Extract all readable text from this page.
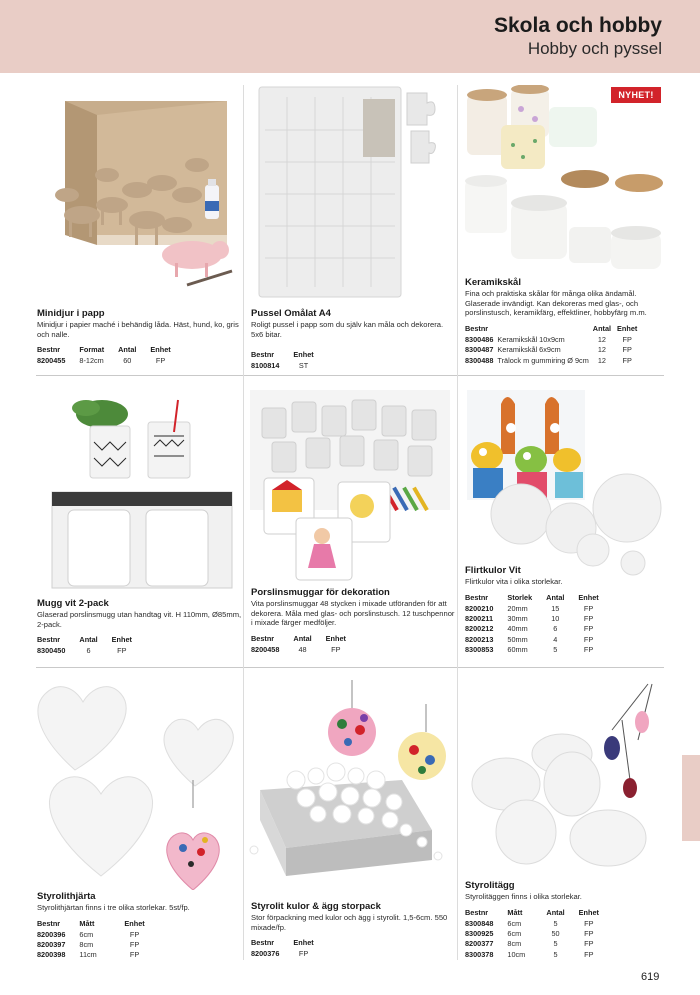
Skola och hobby
Hobby och pyssel
NYHET!
Minidjur i papp
Minidjur i papier maché i behändig låda. Häst, hund, ko, gris och nalle.
Bestnr	Format	Antal	Enhet
8200455	8-12cm	60	FP
Pussel Omålat A4
Roligt pussel i papp som du själv kan måla och dekorera. 5x6 bitar.
Bestnr	Enhet
8100814	ST
Keramikskål
Fina och praktiska skålar för många olika ändamål. Glaserade invändigt. Kan dekoreras med glas-, och porslinstusch, keramikfärg, effektliner, hobbyfärg m.m.
Bestnr		Antal	Enhet
8300486	Keramikskål 10x9cm	12	FP
8300487	Keramikskål 6x9cm	12	FP
8300488	Trälock m gummiring Ø 9cm	12	FP
Mugg vit 2-pack
Glaserad porslinsmugg utan handtag vit. H 110mm, Ø85mm, 2-pack.
Bestnr	Antal	Enhet
8300450	6	FP
Porslinsmuggar för dekoration
Vita porslinsmuggar 48 stycken i mixade utföranden för att dekorera. Måla med glas- och porslinstusch. 12 tuschpennor i mixade färger medföljer.
Bestnr	Antal	Enhet
8200458	48	FP
Flirtkulor Vit
Flirtkulor vita i olika storlekar.
Bestnr	Storlek	Antal	Enhet
8200210	20mm	15	FP
8200211	30mm	10	FP
8200212	40mm	6	FP
8200213	50mm	4	FP
8300853	60mm	5	FP
Styrolithjärta
Styrolithjärtan finns i tre olika storlekar. 5st/fp.
Bestnr	Mått	Enhet
8200396	6cm	FP
8200397	8cm	FP
8200398	11cm	FP
Styrolit kulor & ägg storpack
Stor förpackning med kulor och ägg i styrolit. 1,5-6cm. 550 mixade/fp.
Bestnr	Enhet
8200376	FP
Styrolitägg
Styrolitäggen finns i olika storlekar.
Bestnr	Mått	Antal	Enhet
8300848	6cm	5	FP
8300925	6cm	50	FP
8200377	8cm	5	FP
8300378	10cm	5	FP
619
